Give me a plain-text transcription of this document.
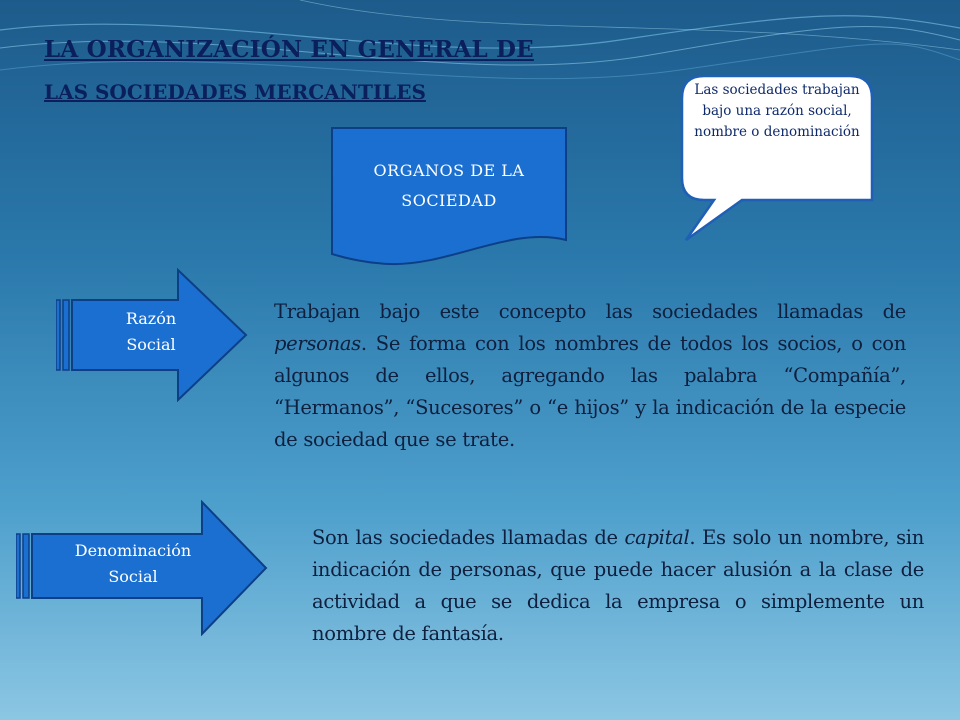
LA ORGANIZACIÓN EN GENERAL DE
LAS SOCIEDADES MERCANTILES	Las sociedades trabajan bajo una razón social, nombre o denominación
ORGANOS DE LA
SOCIEDAD
Razón
Social
Trabajan bajo este concepto las sociedades llamadas de personas. Se forma con los nombres de todos los socios, o con algunos de ellos, agregando las palabra “Compañía”, “Hermanos”, “Sucesores” o “e hijos” y la indicación de la especie de sociedad que se trate.
Denominación
Social
Son las sociedades llamadas de capital. Es solo un nombre, sin indicación de personas, que puede hacer alusión a la clase de actividad a que se dedica la empresa o simplemente un nombre de fantasía.
